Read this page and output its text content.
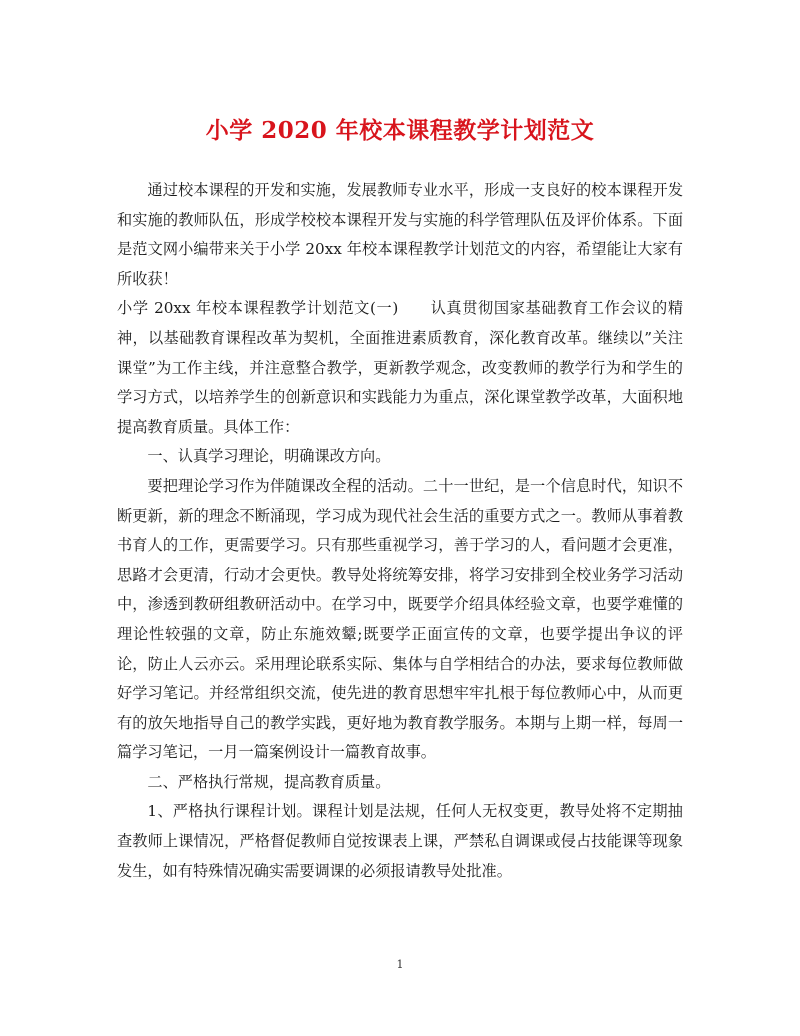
小学 2020 年校本课程教学计划范文

通过校本课程的开发和实施，发展教师专业水平，形成一支良好的校本课程开发和实施的教师队伍，形成学校校本课程开发与实施的科学管理队伍及评价体系。下面是范文网小编带来关于小学 20xx 年校本课程教学计划范文的内容，希望能让大家有所收获！

小学 20xx 年校本课程教学计划范文(一)　　 认真贯彻国家基础教育工作会议的精神，以基础教育课程改革为契机，全面推进素质教育，深化教育改革。继续以”关注课堂”为工作主线，并注意整合教学，更新教学观念，改变教师的教学行为和学生的学习方式，以培养学生的创新意识和实践能力为重点，深化课堂教学改革，大面积地提高教育质量。具体工作：

一、认真学习理论，明确课改方向。

要把理论学习作为伴随课改全程的活动。二十一世纪，是一个信息时代，知识不断更新，新的理念不断涌现，学习成为现代社会生活的重要方式之一。教师从事着教书育人的工作，更需要学习。只有那些重视学习，善于学习的人，看问题才会更准，思路才会更清，行动才会更快。教导处将统筹安排，将学习安排到全校业务学习活动中，渗透到教研组教研活动中。在学习中，既要学介绍具体经验文章，也要学难懂的理论性较强的文章，防止东施效颦;既要学正面宣传的文章，也要学提出争议的评论，防止人云亦云。采用理论联系实际、集体与自学相结合的办法，要求每位教师做好学习笔记。并经常组织交流，使先进的教育思想牢牢扎根于每位教师心中，从而更有的放矢地指导自己的教学实践，更好地为教育教学服务。本期与上期一样，每周一篇学习笔记，一月一篇案例设计一篇教育故事。

二、严格执行常规，提高教育质量。

1、严格执行课程计划。课程计划是法规，任何人无权变更，教导处将不定期抽查教师上课情况，严格督促教师自觉按课表上课，严禁私自调课或侵占技能课等现象发生，如有特殊情况确实需要调课的必须报请教导处批准。

1
